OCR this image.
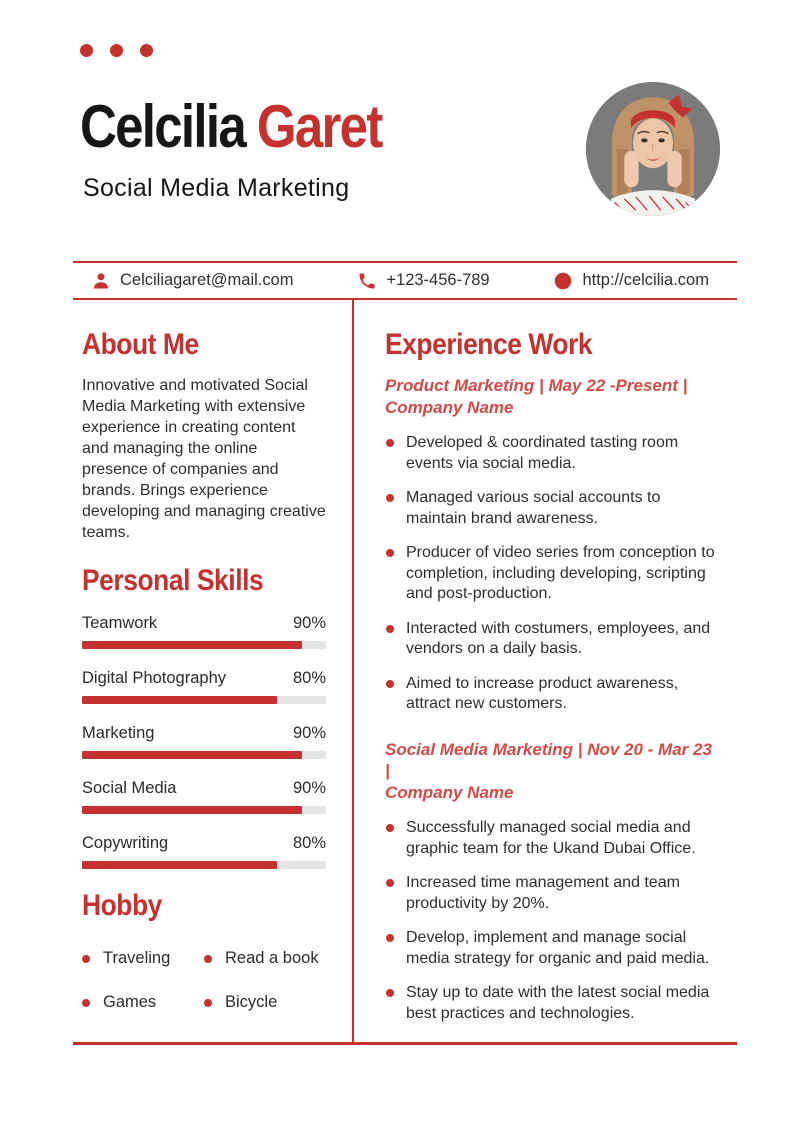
Celcilia Garet

Social Media Marketing

Celciliagaret@mail.com	+123-456-789	http://celcilia.com
About Me

Innovative and motivated Social Media Marketing with extensive experience in creating content and managing the online presence of companies and brands. Brings experience developing and managing creative teams.

Personal Skills
Teamwork	90%
Digital Photography	80%
Marketing	90%
Social Media	90%
Copywriting	80%
Hobby
Traveling	Read a book
Games	Bicycle
Experience Work

Product Marketing | May 22 -Present |
Company Name

Developed & coordinated tasting room events via social media.
Managed various social accounts to maintain brand awareness.
Producer of video series from conception to completion, including developing, scripting and post-production.
Interacted with costumers, employees, and vendors on a daily basis.
Aimed to increase product awareness, attract new customers.

Social Media Marketing | Nov 20 - Mar 23 |
Company Name

Successfully managed social media and graphic team for the Ukand Dubai Office.
Increased time management and team productivity by 20%.
Develop, implement and manage social media strategy for organic and paid media.
Stay up to date with the latest social media best practices and technologies.
